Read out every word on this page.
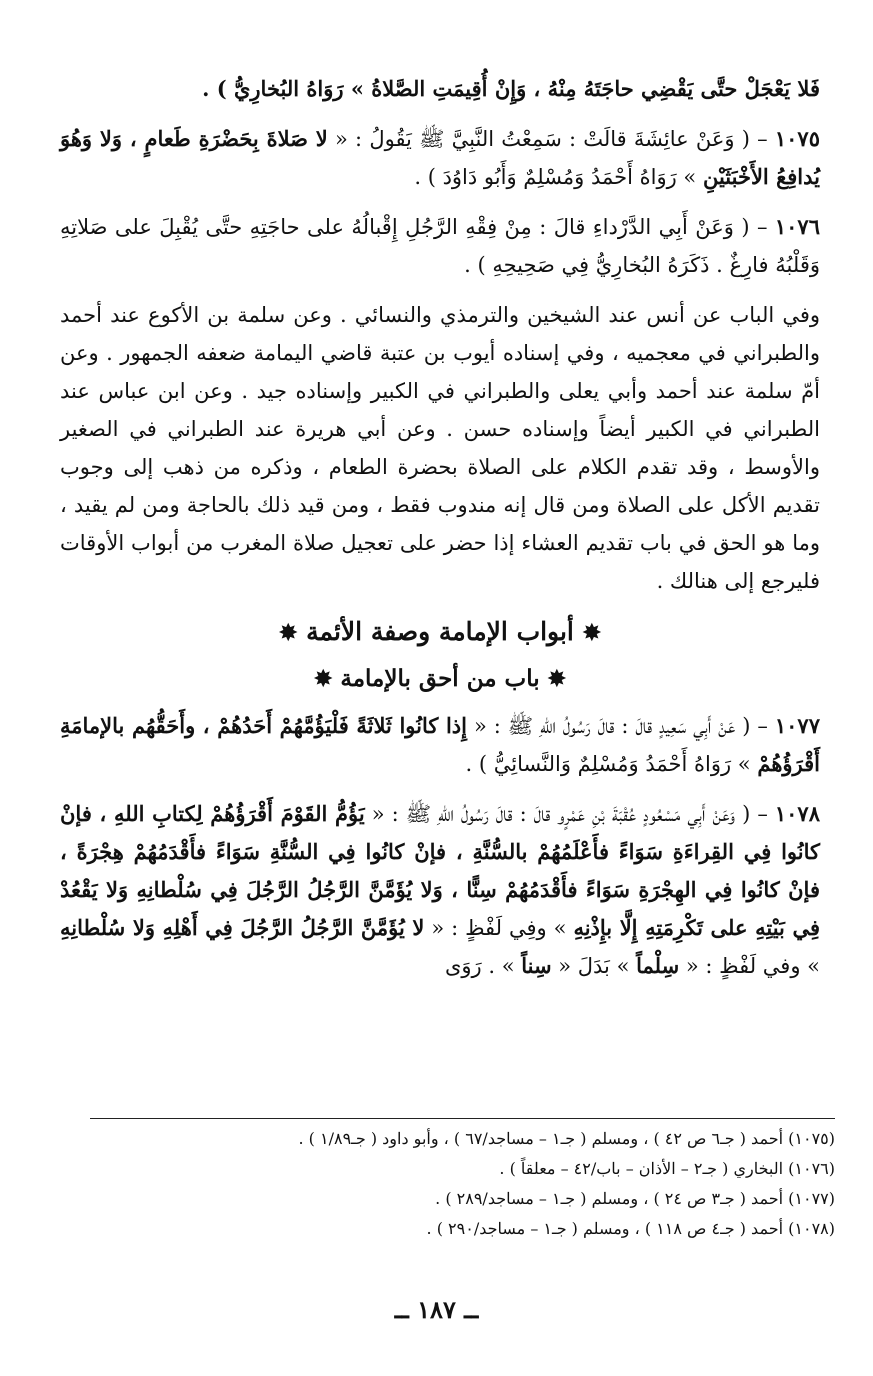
فَلا يَعْجَلْ حتَّى يَقْضِي حاجَتَهُ مِنْهُ ، وَإِنْ أُقِيمَتِ الصَّلاةُ » رَوَاهُ البُخارِيُّ ) .

١٠٧٥ – ( وَعَنْ عائِشَةَ قالَتْ : سَمِعْتُ النَّبِيَّ ﷺ يَقُولُ : « لا صَلاةَ بِحَضْرَةِ طَعامٍ ، وَلا وَهُوَ يُدافِعُ الأَخْبَثَيْنِ » رَوَاهُ أَحْمَدُ وَمُسْلِمٌ وَأَبُو دَاوُدَ ) .

١٠٧٦ – ( وَعَنْ أَبِي الدَّرْداءِ قالَ : مِنْ فِقْهِ الرَّجُلِ إِقْبالُهُ على حاجَتِهِ حتَّى يُقْبِلَ على صَلاتِهِ وَقَلْبُهُ فارِغٌ . ذَكَرَهُ البُخارِيُّ فِي صَحِيحِهِ ) .

وفي الباب عن أنس عند الشيخين والترمذي والنسائي . وعن سلمة بن الأكوع عند أحمد والطبراني في معجميه ، وفي إسناده أيوب بن عتبة قاضي اليمامة ضعفه الجمهور . وعن أمّ سلمة عند أحمد وأبي يعلى والطبراني في الكبير وإسناده جيد . وعن ابن عباس عند الطبراني في الكبير أيضاً وإسناده حسن . وعن أبي هريرة عند الطبراني في الصغير والأوسط ، وقد تقدم الكلام على الصلاة بحضرة الطعام ، وذكره من ذهب إلى وجوب تقديم الأكل على الصلاة ومن قال إنه مندوب فقط ، ومن قيد ذلك بالحاجة ومن لم يقيد ، وما هو الحق في باب تقديم العشاء إذا حضر على تعجيل صلاة المغرب من أبواب الأوقات فليرجع إلى هنالك .

✸ أبواب الإمامة وصفة الأئمة ✸
✸ باب من أحق بالإمامة ✸

١٠٧٧ – ( عَنْ أَبِي سَعِيدٍ قالَ : قالَ رَسُولُ اللهِ ﷺ : « إِذا كانُوا ثَلاثَةً فَلْيَؤُمَّهُمْ أَحَدُهُمْ ، وأَحَقُّهُم بالإمامَةِ أَقْرَؤُهُمْ » رَوَاهُ أَحْمَدُ وَمُسْلِمٌ وَالنَّسائِيُّ ) .

١٠٧٨ – ( وَعَنْ أَبِي مَسْعُودٍ عُقْبَةَ بْنِ عَمْرٍو قالَ : قالَ رَسُولُ اللهِ ﷺ : « يَؤُمُّ القَوْمَ أَقْرَؤُهُمْ لِكتابِ اللهِ ، فإنْ كانُوا فِي القِراءَةِ سَوَاءً فأَعْلَمُهُمْ بالسُّنَّةِ ، فإنْ كانُوا فِي السُّنَّةِ سَوَاءً فأَقْدَمُهُمْ هِجْرَةً ، فإنْ كانُوا فِي الهِجْرَةِ سَوَاءً فأَقْدَمُهُمْ سِنًّا ، وَلا يُؤَمَّنَّ الرَّجُلُ الرَّجُلَ فِي سُلْطانِهِ وَلا يَقْعُدْ فِي بَيْتِهِ على تَكْرِمَتِهِ إِلَّا بإِذْنِهِ » وفِي لَفْظٍ : « لا يُؤَمَّنَّ الرَّجُلُ الرَّجُلَ فِي أَهْلِهِ وَلا سُلْطانِهِ » وفي لَفْظٍ : « سِلْماً » بَدَلَ « سِناً » . رَوَى

(١٠٧٥) أحمد ( جـ٦ ص ٤٢ ) ، ومسلم ( جـ١ – مساجد/٦٧ ) ، وأبو داود ( جـ١/٨٩ ) .
(١٠٧٦) البخاري ( جـ٢ – الأذان – باب/٤٢ – معلقاً ) .
(١٠٧٧) أحمد ( جـ٣ ص ٢٤ ) ، ومسلم ( جـ١ – مساجد/٢٨٩ ) .
(١٠٧٨) أحمد ( جـ٤ ص ١١٨ ) ، ومسلم ( جـ١ – مساجد/٢٩٠ ) .
ــ ١٨٧ ــ
